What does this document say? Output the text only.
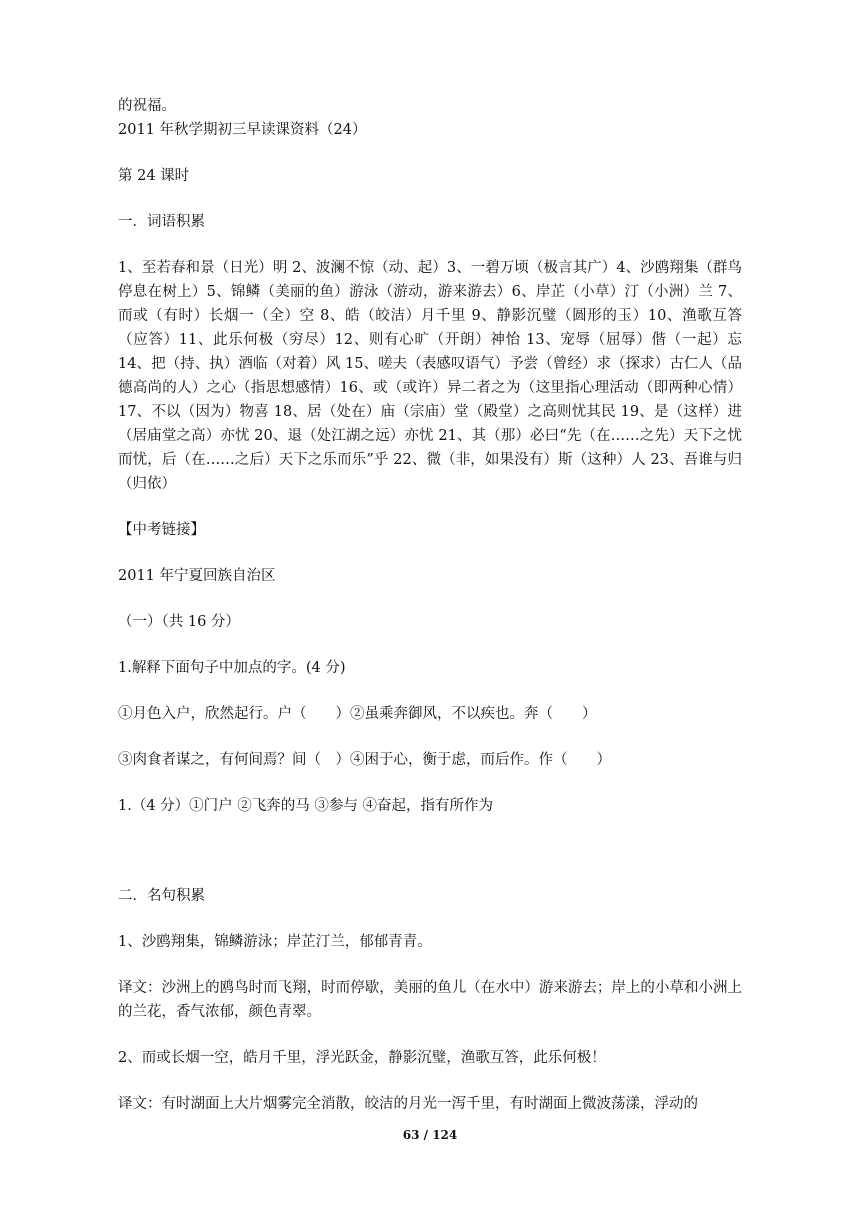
的祝福。

2011 年秋学期初三早读课资料（24）

第 24 课时

一．词语积累

1、至若春和景（日光）明 2、波澜不惊（动、起）3、一碧万顷（极言其广）4、沙鸥翔集（群鸟停息在树上）5、锦鳞（美丽的鱼）游泳（游动，游来游去）6、岸芷（小草）汀（小洲）兰 7、而或（有时）长烟一（全）空 8、皓（皎洁）月千里 9、静影沉璧（圆形的玉）10、渔歌互答（应答）11、此乐何极（穷尽）12、则有心旷（开朗）神怡 13、宠辱（屈辱）偕（一起）忘 14、把（持、执）酒临（对着）风 15、嗟夫（表感叹语气）予尝（曾经）求（探求）古仁人（品德高尚的人）之心（指思想感情）16、或（或许）异二者之为（这里指心理活动（即两种心情）17、不以（因为）物喜 18、居（处在）庙（宗庙）堂（殿堂）之高则忧其民 19、是（这样）进（居庙堂之高）亦忧 20、退（处江湖之远）亦忧 21、其（那）必曰“先（在……之先）天下之忧而忧，后（在……之后）天下之乐而乐”乎 22、微（非，如果没有）斯（这种）人 23、吾谁与归（归依）

【中考链接】

2011 年宁夏回族自治区

（一）（共 16 分）

1.解释下面句子中加点的字。(4 分)

①月色入户，欣然起行。户（　　）②虽乘奔御风，不以疾也。奔（　　）

③肉食者谋之，有何间焉？间（　）④困于心，衡于虑，而后作。作（　　）

1.（4 分）①门户 ②飞奔的马 ③参与 ④奋起，指有所作为

二．名句积累

1、沙鸥翔集，锦鳞游泳；岸芷汀兰，郁郁青青。

译文：沙洲上的鸥鸟时而飞翔，时而停歇，美丽的鱼儿（在水中）游来游去；岸上的小草和小洲上的兰花，香气浓郁，颜色青翠。

2、而或长烟一空，皓月千里，浮光跃金，静影沉璧，渔歌互答，此乐何极！

译文：有时湖面上大片烟雾完全消散，皎洁的月光一泻千里，有时湖面上微波荡漾，浮动的

63 / 124
